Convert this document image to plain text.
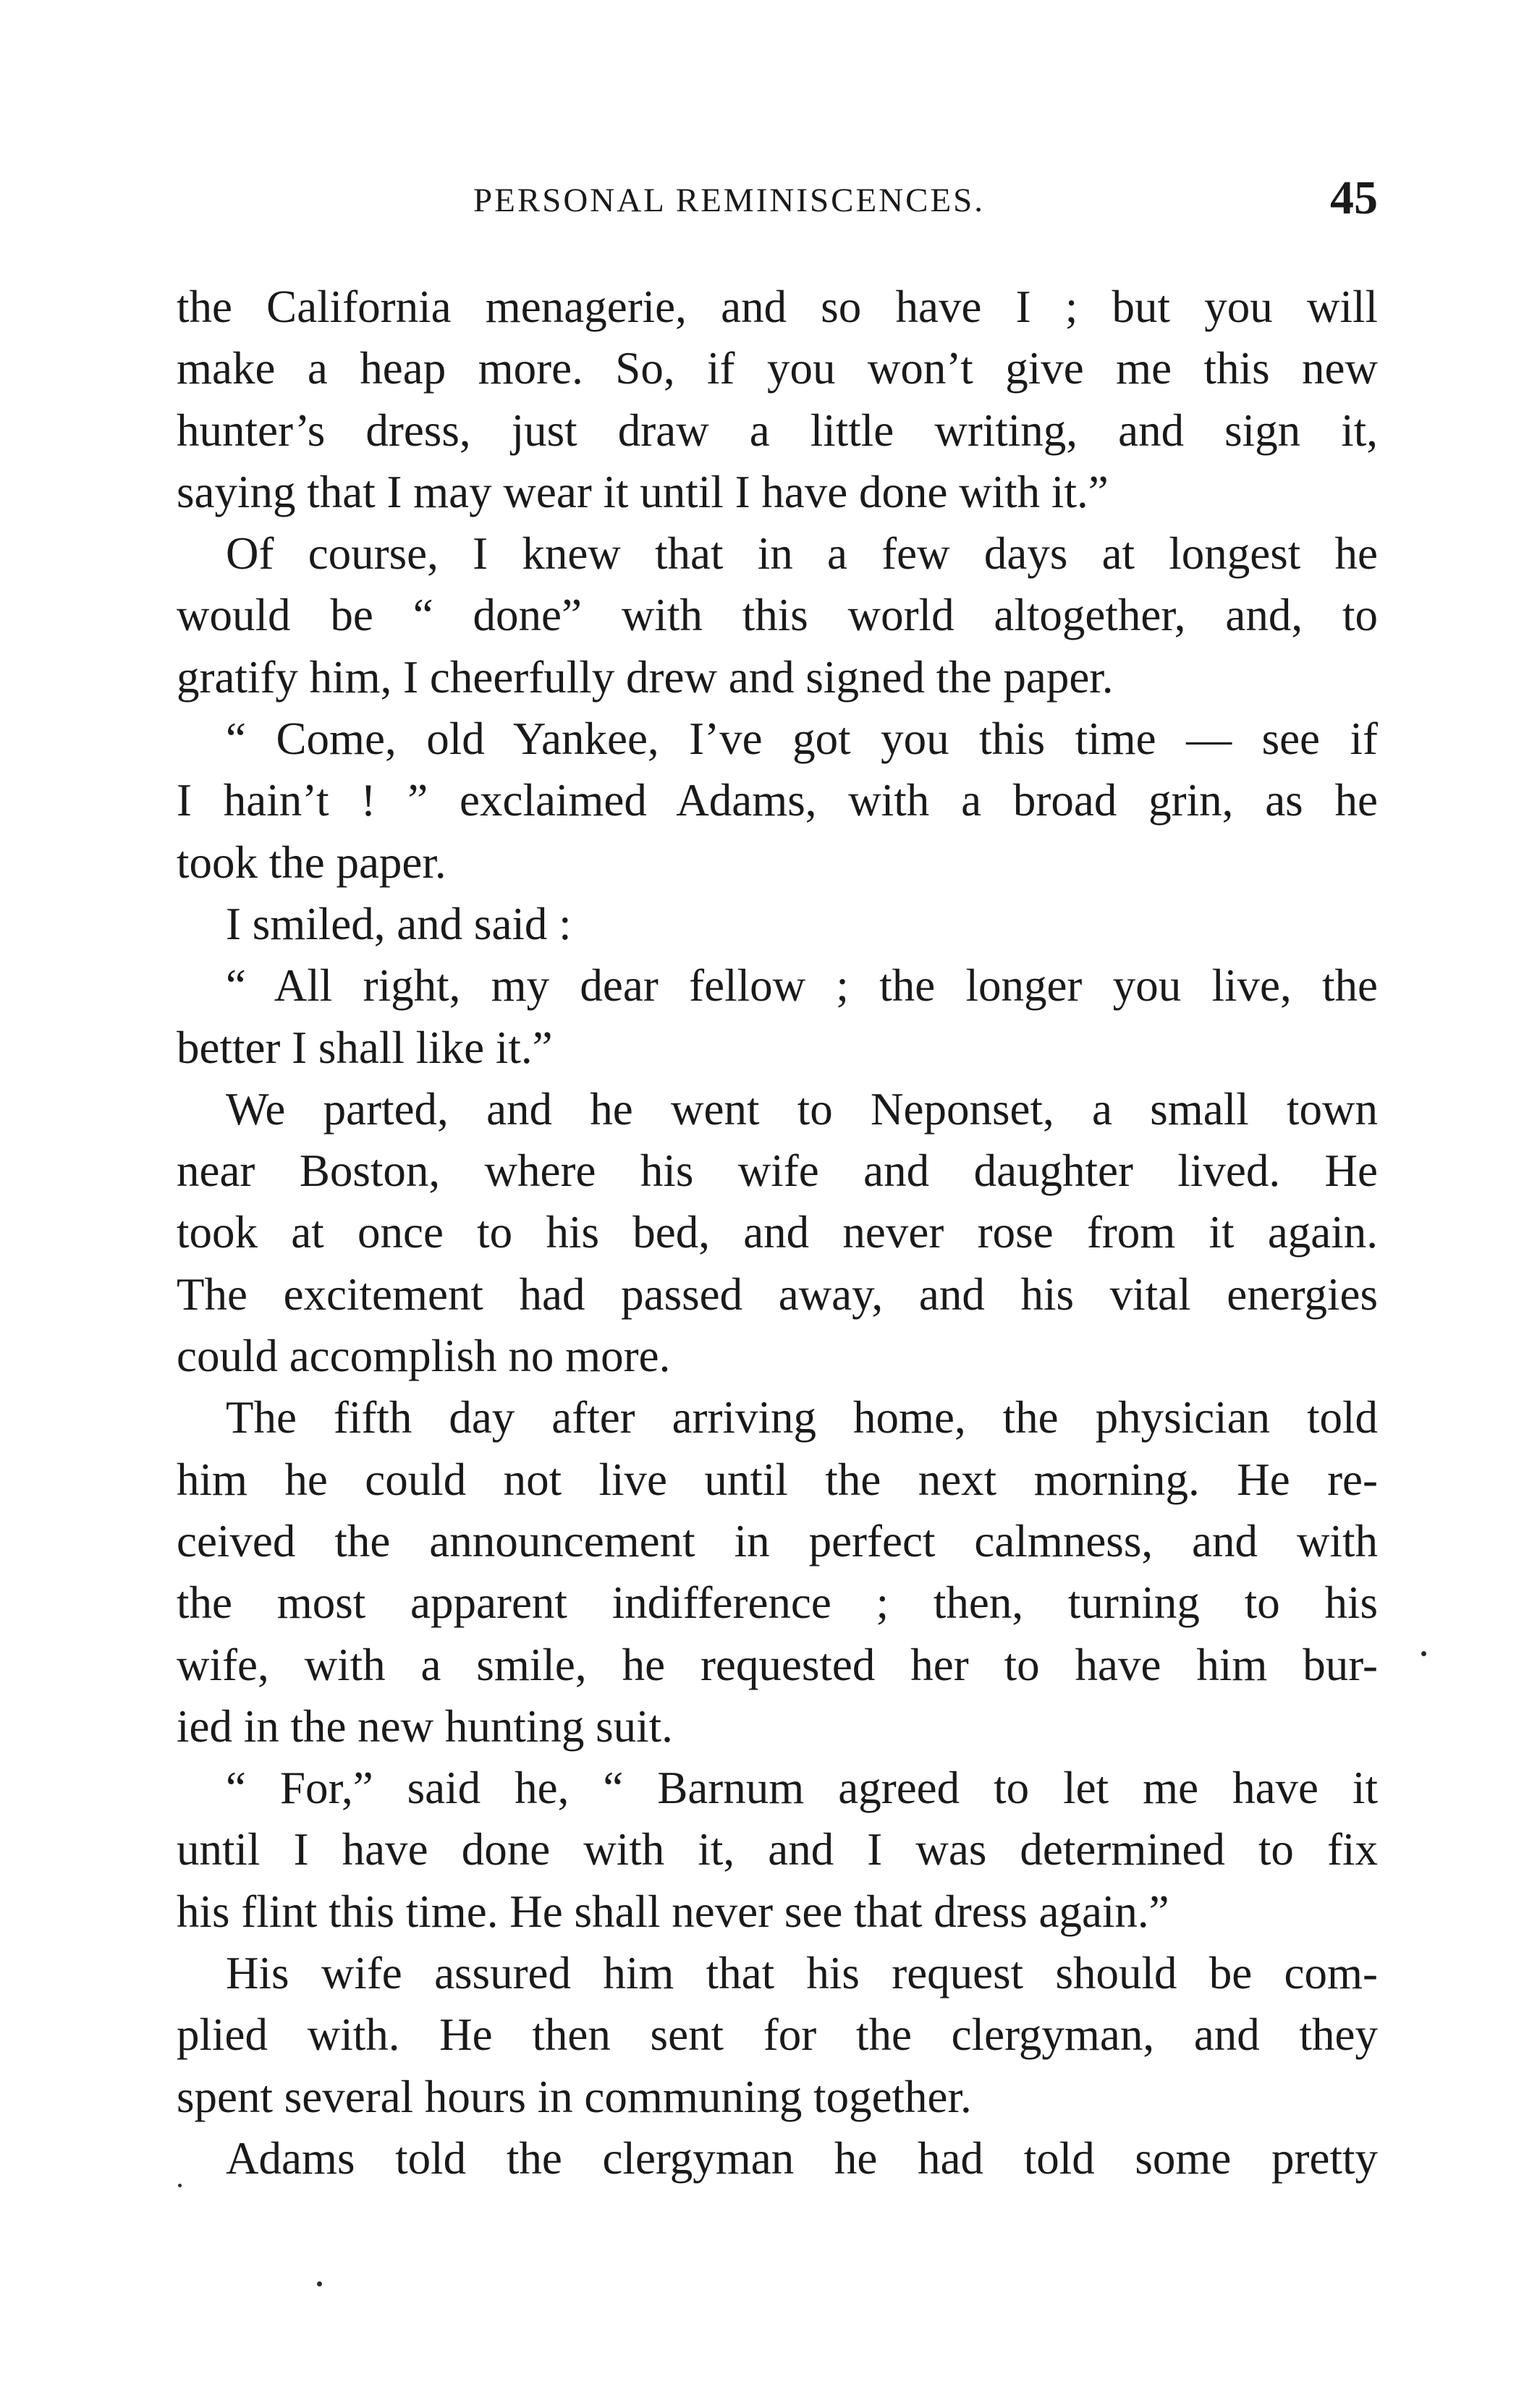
PERSONAL REMINISCENCES.	45
the California menagerie, and so have I ; but you will
make a heap more. So, if you won’t give me this new
hunter’s dress, just draw a little writing, and sign it,
saying that I may wear it until I have done with it.”
Of course, I knew that in a few days at longest he
would be “ done” with this world altogether, and, to
gratify him, I cheerfully drew and signed the paper.
“ Come, old Yankee, I’ve got you this time — see if
I hain’t ! ” exclaimed Adams, with a broad grin, as he
took the paper.
I smiled, and said :
“ All right, my dear fellow ; the longer you live, the
better I shall like it.”
We parted, and he went to Neponset, a small town
near Boston, where his wife and daughter lived. He
took at once to his bed, and never rose from it again.
The excitement had passed away, and his vital energies
could accomplish no more.
The fifth day after arriving home, the physician told
him he could not live until the next morning. He re-
ceived the announcement in perfect calmness, and with
the most apparent indifference ; then, turning to his
wife, with a smile, he requested her to have him bur-
ied in the new hunting suit.
“ For,” said he, “ Barnum agreed to let me have it
until I have done with it, and I was determined to fix
his flint this time. He shall never see that dress again.”
His wife assured him that his request should be com-
plied with. He then sent for the clergyman, and they
spent several hours in communing together.
Adams told the clergyman he had told some pretty
